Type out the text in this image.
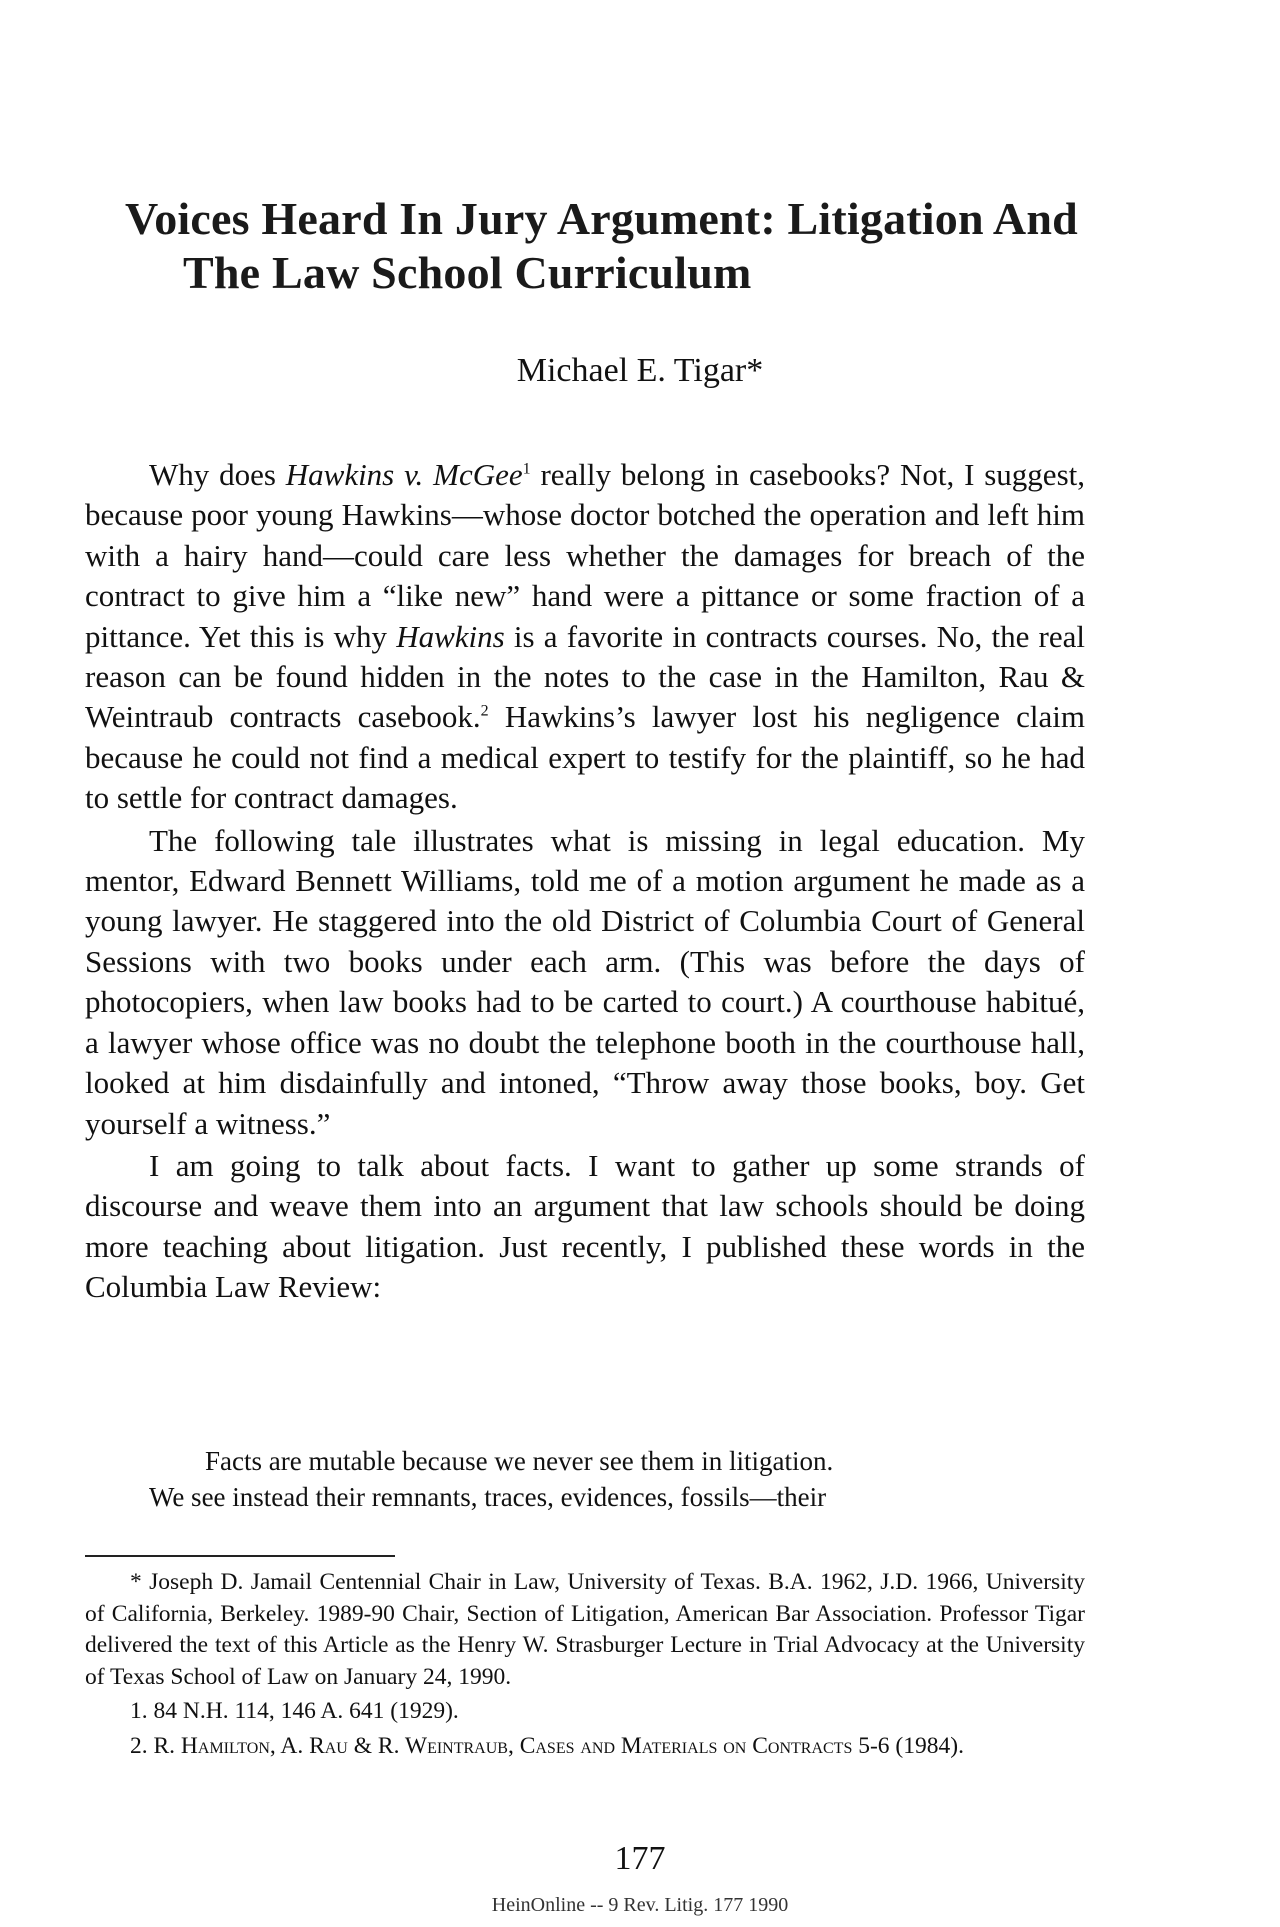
Voices Heard In Jury Argument: Litigation And
The Law School Curriculum
Michael E. Tigar*

Why does Hawkins v. McGee$^1$ really belong in casebooks? Not, I suggest, because poor young Hawkins—whose doctor botched the operation and left him with a hairy hand—could care less whether the damages for breach of the contract to give him a “like new” hand were a pittance or some fraction of a pittance. Yet this is why Hawkins is a favorite in contracts courses. No, the real reason can be found hidden in the notes to the case in the Hamilton, Rau & Weintraub contracts casebook.$^2$ Hawkins’s lawyer lost his negligence claim because he could not find a medical expert to testify for the plaintiff, so he had to settle for contract damages.

The following tale illustrates what is missing in legal education. My mentor, Edward Bennett Williams, told me of a motion argument he made as a young lawyer. He staggered into the old District of Columbia Court of General Sessions with two books under each arm. (This was before the days of photocopiers, when law books had to be carted to court.) A courthouse habitué, a lawyer whose office was no doubt the telephone booth in the courthouse hall, looked at him disdainfully and intoned, “Throw away those books, boy. Get yourself a witness.”

I am going to talk about facts. I want to gather up some strands of discourse and weave them into an argument that law schools should be doing more teaching about litigation. Just recently, I published these words in the Columbia Law Review:

Facts are mutable because we never see them in litigation.
We see instead their remnants, traces, evidences, fossils—their

* Joseph D. Jamail Centennial Chair in Law, University of Texas. B.A. 1962, J.D. 1966, University of California, Berkeley. 1989-90 Chair, Section of Litigation, American Bar Association. Professor Tigar delivered the text of this Article as the Henry W. Strasburger Lecture in Trial Advocacy at the University of Texas School of Law on January 24, 1990.

1. 84 N.H. 114, 146 A. 641 (1929).

2. R. Hamilton, A. Rau & R. Weintraub, Cases and Materials on Contracts 5-6 (1984).

177
HeinOnline -- 9 Rev. Litig. 177 1990
